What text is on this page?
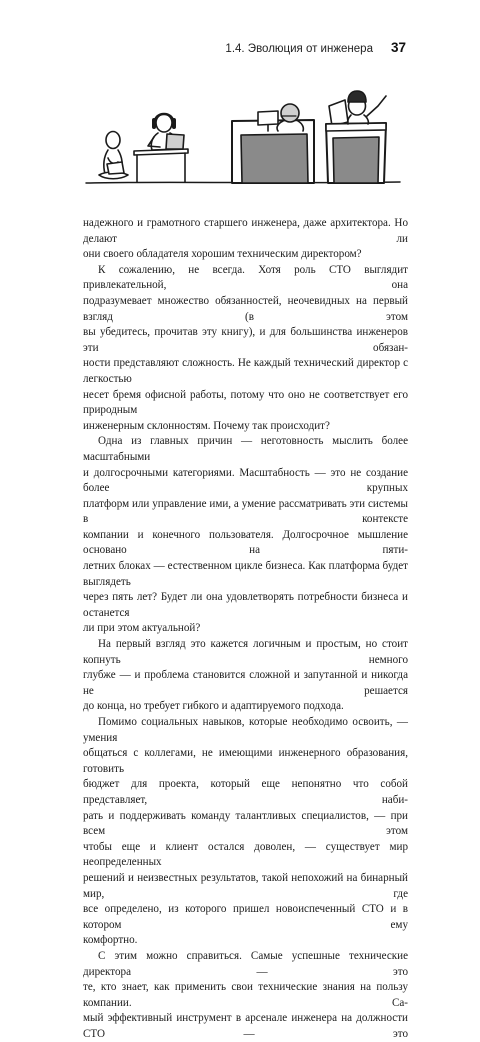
1.4. Эволюция от инженера 37

надежного и грамотного старшего инженера, даже архитектора. Но делают ли

они своего обладателя хорошим техническим директором?

К сожалению, не всегда. Хотя роль CTO выглядит привлекательной, она

подразумевает множество обязанностей, неочевидных на первый взгляд (в этом

вы убедитесь, прочитав эту книгу), и для большинства инженеров эти обязан-

ности представляют сложность. Не каждый технический директор с легкостью

несет бремя офисной работы, потому что оно не соответствует его природным

инженерным склонностям. Почему так происходит?

Одна из главных причин — неготовность мыслить более масштабными

и долгосрочными категориями. Масштабность — это не создание более крупных

платформ или управление ими, а умение рассматривать эти системы в контексте

компании и конечного пользователя. Долгосрочное мышление основано на пяти-

летних блоках — естественном цикле бизнеса. Как платформа будет выглядеть

через пять лет? Будет ли она удовлетворять потребности бизнеса и останется

ли при этом актуальной?

На первый взгляд это кажется логичным и простым, но стоит копнуть немного

глубже — и проблема становится сложной и запутанной и никогда не решается

до конца, но требует гибкого и адаптируемого подхода.

Помимо социальных навыков, которые необходимо освоить, — умения

общаться с коллегами, не имеющими инженерного образования, готовить

бюджет для проекта, который еще непонятно что собой представляет, наби-

рать и поддерживать команду талантливых специалистов, — при всем этом

чтобы еще и клиент остался доволен, — существует мир неопределенных

решений и неизвестных результатов, такой непохожий на бинарный мир, где

все определено, из которого пришел новоиспеченный CTO и в котором ему

комфортно.

С этим можно справиться. Самые успешные технические директора — это

те, кто знает, как применить свои технические знания на пользу компании. Са-

мый эффективный инструмент в арсенале инженера на должности CTO — это
